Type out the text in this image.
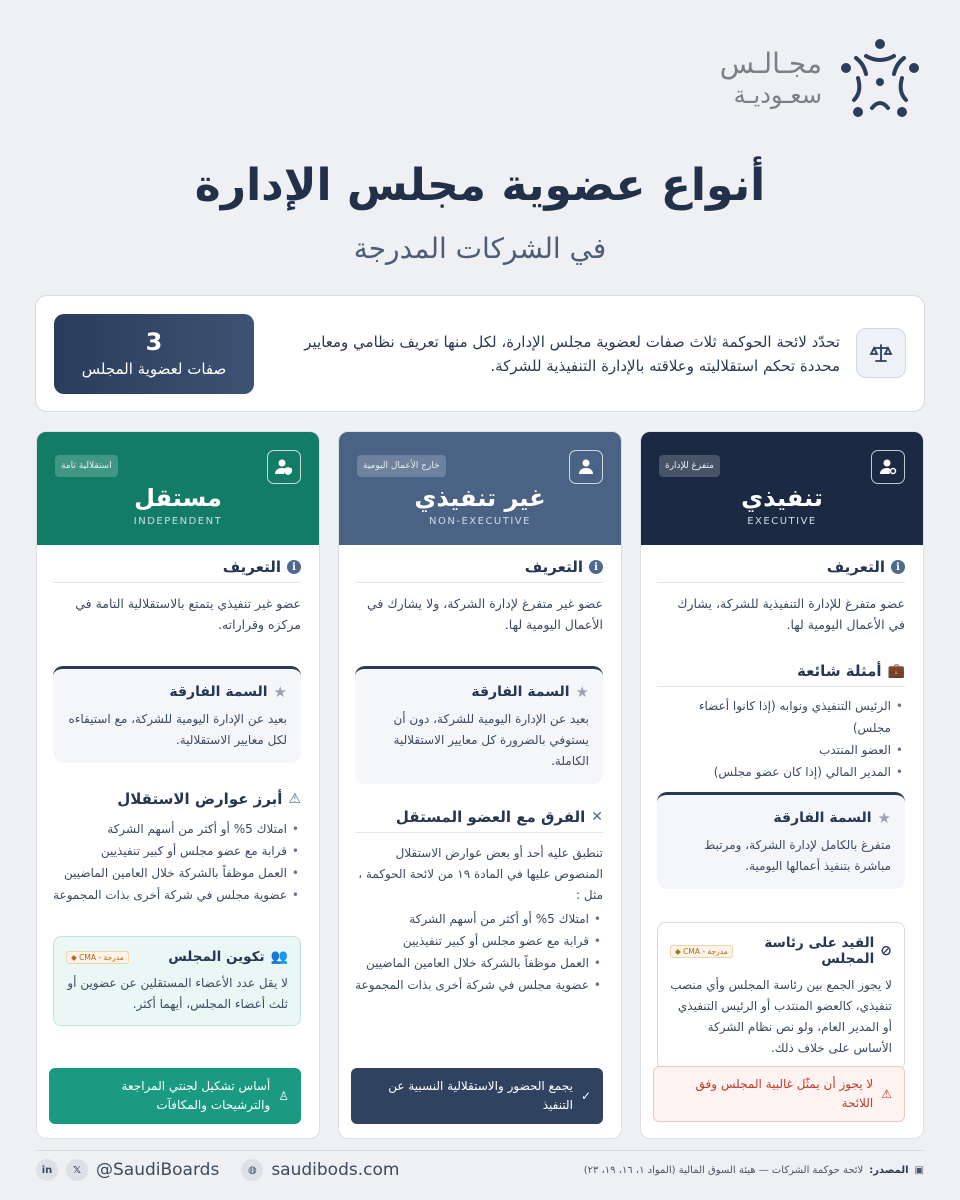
مجـالـس
سعـوديـة
أنواع عضوية مجلس الإدارة
في الشركات المدرجة
تحدّد لائحة الحوكمة ثلاث صفات لعضوية مجلس الإدارة، لكل منها تعريف نظامي ومعايير محددة تحكم استقلاليته وعلاقته بالإدارة التنفيذية للشركة.
3
صفات لعضوية المجلس
متفرغ للإدارة
تنفيذي
EXECUTIVE
i
التعريف
عضو متفرغ للإدارة التنفيذية للشركة، يشارك في الأعمال اليومية لها.
💼
أمثلة شائعة
• الرئيس التنفيذي ونوابه (إذا كانوا أعضاء مجلس)
• العضو المنتدب
• المدير المالي (إذا كان عضو مجلس)
★
السمة الفارقة
متفرغ بالكامل لإدارة الشركة، ومرتبط مباشرة بتنفيذ أعمالها اليومية.
⊘
القيد على رئاسة المجلس
مدرجة - CMA ◆
لا يجوز الجمع بين رئاسة المجلس وأي منصب تنفيذي، كالعضو المنتدب أو الرئيس التنفيذي أو المدير العام، ولو نص نظام الشركة الأساس على خلاف ذلك.
⚠
لا يجوز أن يمثّل غالبية المجلس وفق اللائحة
خارج الأعمال اليومية
غير تنفيذي
NON-EXECUTIVE
i
التعريف
عضو غير متفرغ لإدارة الشركة، ولا يشارك في الأعمال اليومية لها.
★
السمة الفارقة
بعيد عن الإدارة اليومية للشركة، دون أن يستوفي بالضرورة كل معايير الاستقلالية الكاملة.
✕
الفرق مع العضو المستقل
تنطبق عليه أحد أو بعض عوارض الاستقلال المنصوص عليها في المادة ١٩ من لائحة الحوكمة ، مثل :
• امتلاك 5% أو أكثر من أسهم الشركة
• قرابة مع عضو مجلس أو كبير تنفيذيين
• العمل موظفاً بالشركة خلال العامين الماضيين
• عضوية مجلس في شركة أخرى بذات المجموعة
✓
يجمع الحضور والاستقلالية النسبية عن التنفيذ
استقلالية تامة
مستقل
INDEPENDENT
i
التعريف
عضو غير تنفيذي يتمتع بالاستقلالية التامة في مركزه وقراراته.
★
السمة الفارقة
بعيد عن الإدارة اليومية للشركة، مع استيفاءه لكل معايير الاستقلالية.
⚠
أبرز عوارض الاستقلال
• امتلاك 5% أو أكثر من أسهم الشركة
• قرابة مع عضو مجلس أو كبير تنفيذيين
• العمل موظفاً بالشركة خلال العامين الماضيين
• عضوية مجلس في شركة أخرى بذات المجموعة
👥
تكوين المجلس
مدرجة - CMA ◆
لا يقل عدد الأعضاء المستقلين عن عضوين أو ثلث أعضاء المجلس، أيهما أكثر.
♙
أساس تشكيل لجنتي المراجعة والترشيحات والمكافآت
▣
المصدر:
لائحة حوكمة الشركات — هيئة السوق المالية (المواد ١، ١٦، ١٩، ٢٣)
in	𝕏 @SaudiBoards	◍ saudibods.com
